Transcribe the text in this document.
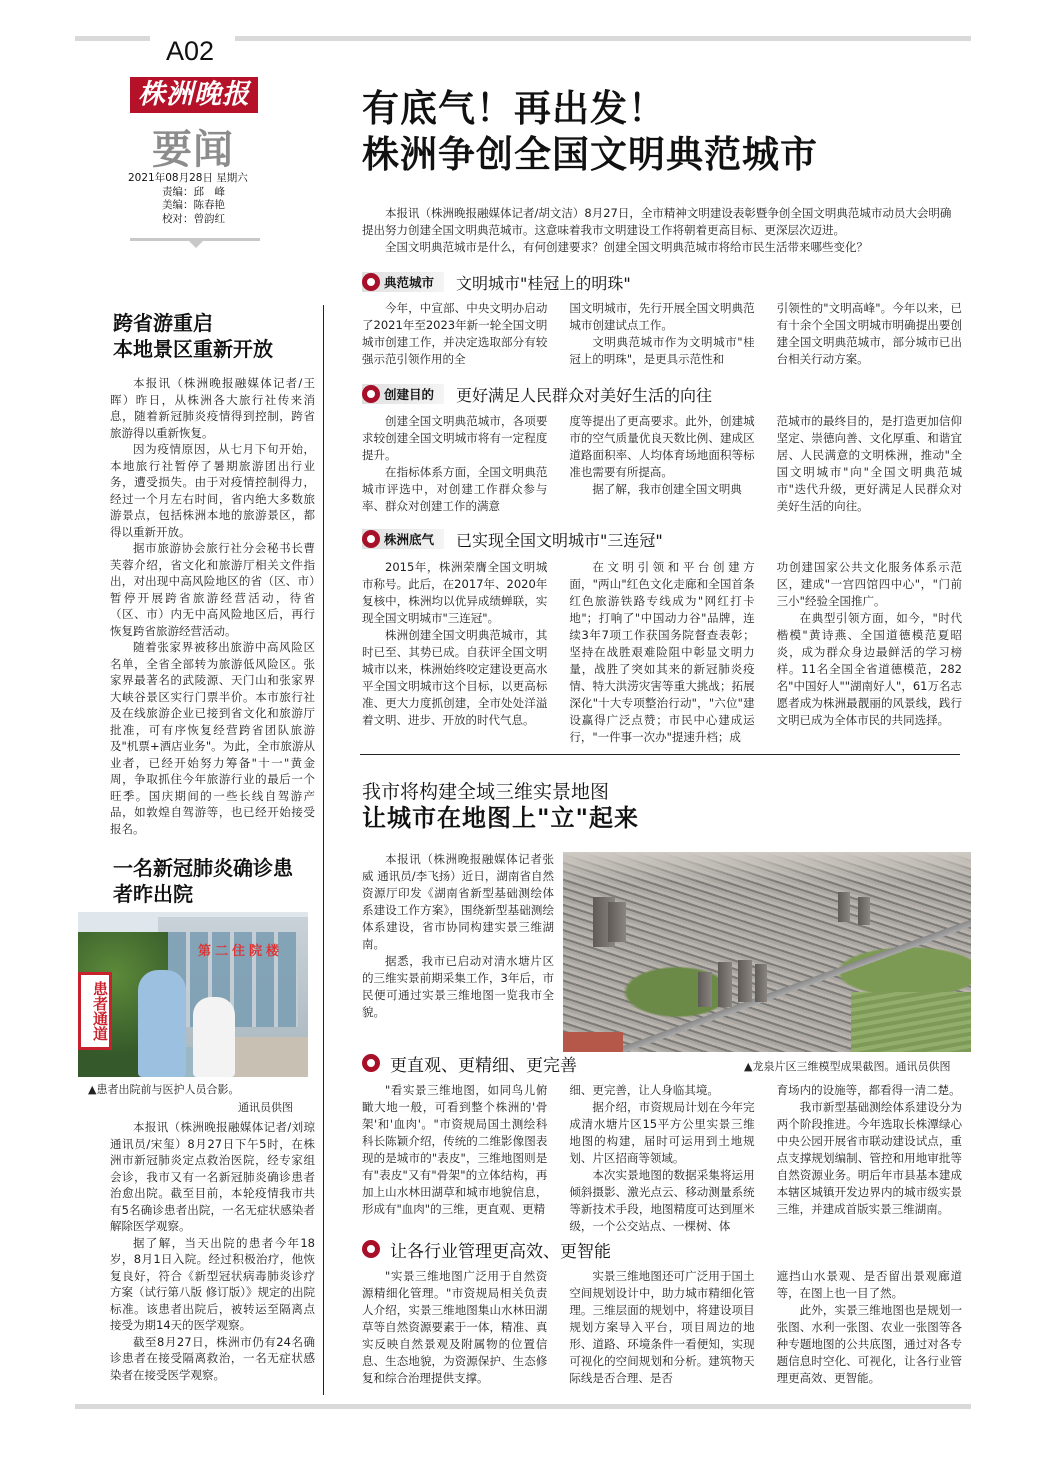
A02
株洲晚报
要闻
2021年08月28日 星期六
责编：邱　峰
美编：陈春艳
校对：曾韵红
有底气！再出发！
株洲争创全国文明典范城市

本报讯（株洲晚报融媒体记者/胡文洁）8月27日，全市精神文明建设表彰暨争创全国文明典范城市动员大会明确提出努力创建全国文明典范城市。这意味着我市文明建设工作将朝着更高目标、更深层次迈进。

全国文明典范城市是什么，有何创建要求？创建全国文明典范城市将给市民生活带来哪些变化？

典范城市 文明城市"桂冠上的明珠"

今年，中宣部、中央文明办启动了2021年至2023年新一轮全国文明城市创建工作，并决定选取部分有较强示范引领作用的全

国文明城市，先行开展全国文明典范城市创建试点工作。

文明典范城市作为文明城市"桂冠上的明珠"，是更具示范性和

引领性的"文明高峰"。今年以来，已有十余个全国文明城市明确提出要创建全国文明典范城市，部分城市已出台相关行动方案。

创建目的 更好满足人民群众对美好生活的向往

创建全国文明典范城市，各项要求较创建全国文明城市将有一定程度提升。

在指标体系方面，全国文明典范城市评选中，对创建工作群众参与率、群众对创建工作的满意

度等提出了更高要求。此外，创建城市的空气质量优良天数比例、建成区道路面积率、人均体育场地面积等标准也需要有所提高。

据了解，我市创建全国文明典

范城市的最终目的，是打造更加信仰坚定、崇德向善、文化厚重、和谐宜居、人民满意的文明株洲，推动"全国文明城市"向"全国文明典范城市"迭代升级，更好满足人民群众对美好生活的向往。

株洲底气 已实现全国文明城市"三连冠"

2015年，株洲荣膺全国文明城市称号。此后，在2017年、2020年复核中，株洲均以优异成绩蝉联，实现全国文明城市"三连冠"。

株洲创建全国文明典范城市，其时已至、其势已成。自获评全国文明城市以来，株洲始终咬定建设更高水平全国文明城市这个目标，以更高标准、更大力度抓创建，全市处处洋溢着文明、进步、开放的时代气息。

在文明引领和平台创建方面，"两山"红色文化走廊和全国首条红色旅游铁路专线成为"网红打卡地"；打响了"中国动力谷"品牌，连续3年7项工作获国务院督查表彰；坚持在战胜艰难险阻中彰显文明力量，战胜了突如其来的新冠肺炎疫情、特大洪涝灾害等重大挑战；拓展深化"十大专项整治行动"，"六位"建设赢得广泛点赞；市民中心建成运行，"一件事一次办"提速升档；成

功创建国家公共文化服务体系示范区，建成"一宫四馆四中心"，"门前三小"经验全国推广。

在典型引领方面，如今，"时代楷模"黄诗燕、全国道德模范夏昭炎，成为群众身边最鲜活的学习榜样。11名全国全省道德模范，282名"中国好人""湖南好人"，61万名志愿者成为株洲最靓丽的风景线，践行文明已成为全体市民的共同选择。

跨省游重启
本地景区重新开放

本报讯（株洲晚报融媒体记者/王晖）昨日，从株洲各大旅行社传来消息，随着新冠肺炎疫情得到控制，跨省旅游得以重新恢复。

因为疫情原因，从七月下旬开始，本地旅行社暂停了暑期旅游团出行业务，遭受损失。由于对疫情控制得力，经过一个月左右时间，省内绝大多数旅游景点，包括株洲本地的旅游景区，都得以重新开放。

据市旅游协会旅行社分会秘书长曹芙蓉介绍，省文化和旅游厅相关文件指出，对出现中高风险地区的省（区、市）暂停开展跨省旅游经营活动，待省（区、市）内无中高风险地区后，再行恢复跨省旅游经营活动。

随着张家界被移出旅游中高风险区名单，全省全部转为旅游低风险区。张家界最著名的武陵源、天门山和张家界大峡谷景区实行门票半价。本市旅行社及在线旅游企业已接到省文化和旅游厅批准，可有序恢复经营跨省团队旅游及"机票+酒店业务"。为此，全市旅游从业者，已经开始努力筹备"十一"黄金周，争取抓住今年旅游行业的最后一个旺季。国庆期间的一些长线自驾游产品，如敦煌自驾游等，也已经开始接受报名。

一名新冠肺炎确诊患
者昨出院
第二住院楼
患者通道
▲患者出院前与医护人员合影。
通讯员供图

本报讯（株洲晚报融媒体记者/刘琼 通讯员/宋玺）8月27日下午5时，在株洲市新冠肺炎定点救治医院，经专家组会诊，我市又有一名新冠肺炎确诊患者治愈出院。截至目前，本轮疫情我市共有5名确诊患者出院，一名无症状感染者解除医学观察。

据了解，当天出院的患者今年18岁，8月1日入院。经过积极治疗，他恢复良好，符合《新型冠状病毒肺炎诊疗方案（试行第八版 修订版）》规定的出院标准。该患者出院后，被转运至隔离点接受为期14天的医学观察。

截至8月27日，株洲市仍有24名确诊患者在接受隔离救治，一名无症状感染者在接受医学观察。

我市将构建全域三维实景地图
让城市在地图上"立"起来

本报讯（株洲晚报融媒体记者张威 通讯员/李飞扬）近日，湖南省自然资源厅印发《湖南省新型基础测绘体系建设工作方案》，围绕新型基础测绘体系建设，省市协同构建实景三维湖南。

据悉，我市已启动对清水塘片区的三维实景前期采集工作，3年后，市民便可通过实景三维地图一览我市全貌。

▲龙泉片区三维模型成果截图。通讯员供图
更直观、更精细、更完善

"看实景三维地图，如同鸟儿俯瞰大地一般，可看到整个株洲的'骨架'和'血肉'。"市资规局国土测绘科科长陈颖介绍，传统的二维影像图表现的是城市的"表皮"，三维地图则是有"表皮"又有"骨架"的立体结构，再加上山水林田湖草和城市地貌信息，形成有"血肉"的三维，更直观、更精

细、更完善，让人身临其境。

据介绍，市资规局计划在今年完成清水塘片区15平方公里实景三维地图的构建，届时可运用到土地规划、片区招商等领域。

本次实景地图的数据采集将运用倾斜摄影、激光点云、移动测量系统等新技术手段，地图精度可达到厘米级，一个公交站点、一棵树、体

育场内的设施等，都看得一清二楚。

我市新型基础测绘体系建设分为两个阶段推进。今年选取长株潭绿心中央公园开展省市联动建设试点，重点支撑规划编制、管控和用地审批等自然资源业务。明后年市县基本建成本辖区城镇开发边界内的城市级实景三维，并建成首版实景三维湖南。

让各行业管理更高效、更智能

"实景三维地图广泛用于自然资源精细化管理。"市资规局相关负责人介绍，实景三维地图集山水林田湖草等自然资源要素于一体，精准、真实反映自然景观及附属物的位置信息、生态地貌，为资源保护、生态修复和综合治理提供支撑。

实景三维地图还可广泛用于国土空间规划设计中，助力城市精细化管理。三维层面的规划中，将建设项目规划方案导入平台，项目周边的地形、道路、环境条件一看便知，实现可视化的空间规划和分析。建筑物天际线是否合理、是否

遮挡山水景观、是否留出景观廊道等，在图上也一目了然。

此外，实景三维地图也是规划一张图、水利一张图、农业一张图等各种专题地图的公共底图，通过对各专题信息时空化、可视化，让各行业管理更高效、更智能。
